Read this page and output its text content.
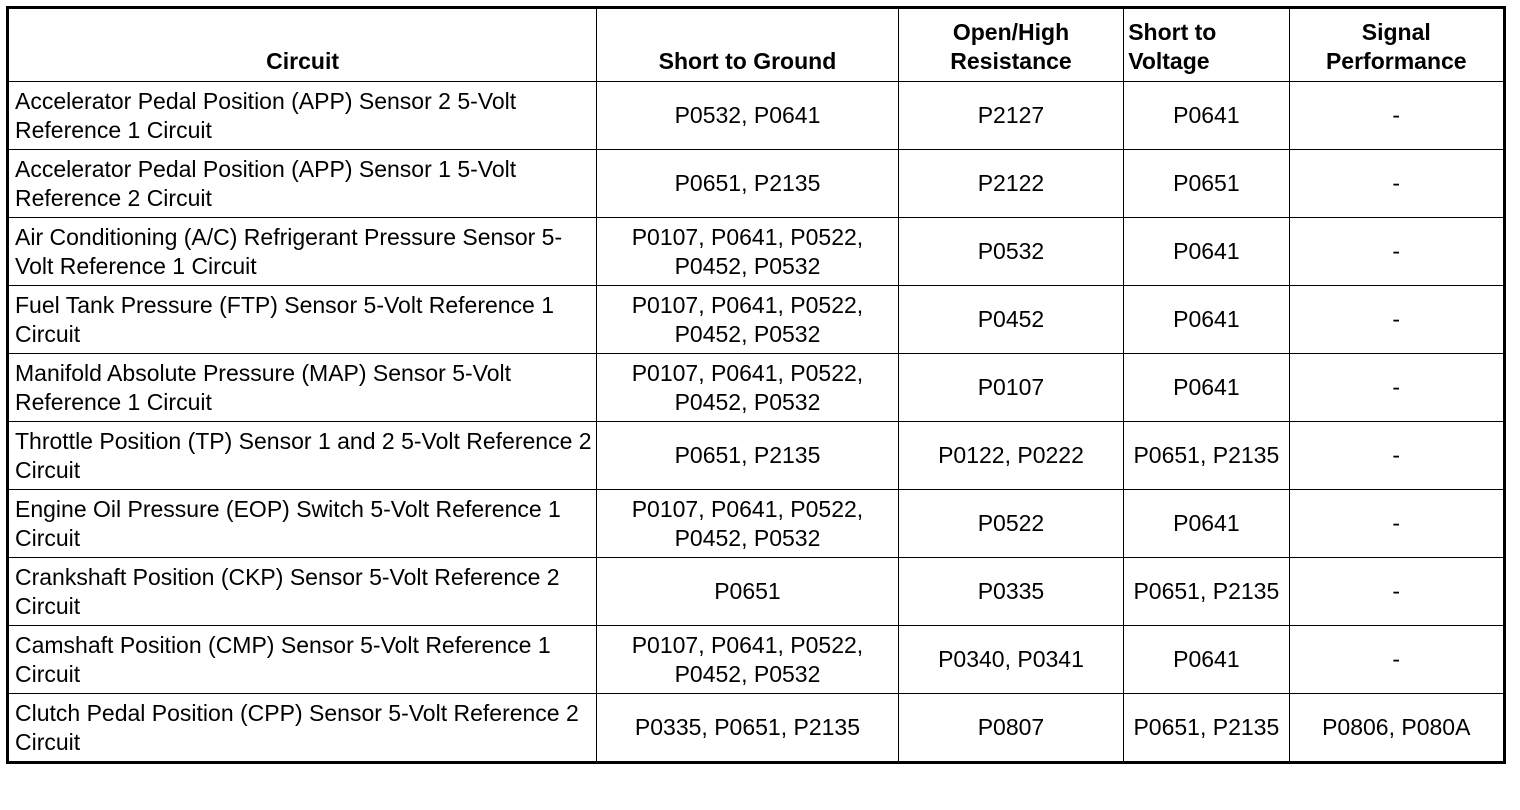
Circuit	Short to Ground	Open/High Resistance	Short to Voltage	Signal Performance
Accelerator Pedal Position (APP) Sensor 2 5-Volt Reference 1 Circuit	P0532, P0641	P2127	P0641	-
Accelerator Pedal Position (APP) Sensor 1 5-Volt Reference 2 Circuit	P0651, P2135	P2122	P0651	-
Air Conditioning (A/C) Refrigerant Pressure Sensor 5-Volt Reference 1 Circuit	P0107, P0641, P0522, P0452, P0532	P0532	P0641	-
Fuel Tank Pressure (FTP) Sensor 5-Volt Reference 1 Circuit	P0107, P0641, P0522, P0452, P0532	P0452	P0641	-
Manifold Absolute Pressure (MAP) Sensor 5-Volt Reference 1 Circuit	P0107, P0641, P0522, P0452, P0532	P0107	P0641	-
Throttle Position (TP) Sensor 1 and 2 5-Volt Reference 2 Circuit	P0651, P2135	P0122, P0222	P0651, P2135	-
Engine Oil Pressure (EOP) Switch 5-Volt Reference 1 Circuit	P0107, P0641, P0522, P0452, P0532	P0522	P0641	-
Crankshaft Position (CKP) Sensor 5-Volt Reference 2 Circuit	P0651	P0335	P0651, P2135	-
Camshaft Position (CMP) Sensor 5-Volt Reference 1 Circuit	P0107, P0641, P0522, P0452, P0532	P0340, P0341	P0641	-
Clutch Pedal Position (CPP) Sensor 5-Volt Reference 2 Circuit	P0335, P0651, P2135	P0807	P0651, P2135	P0806, P080A
